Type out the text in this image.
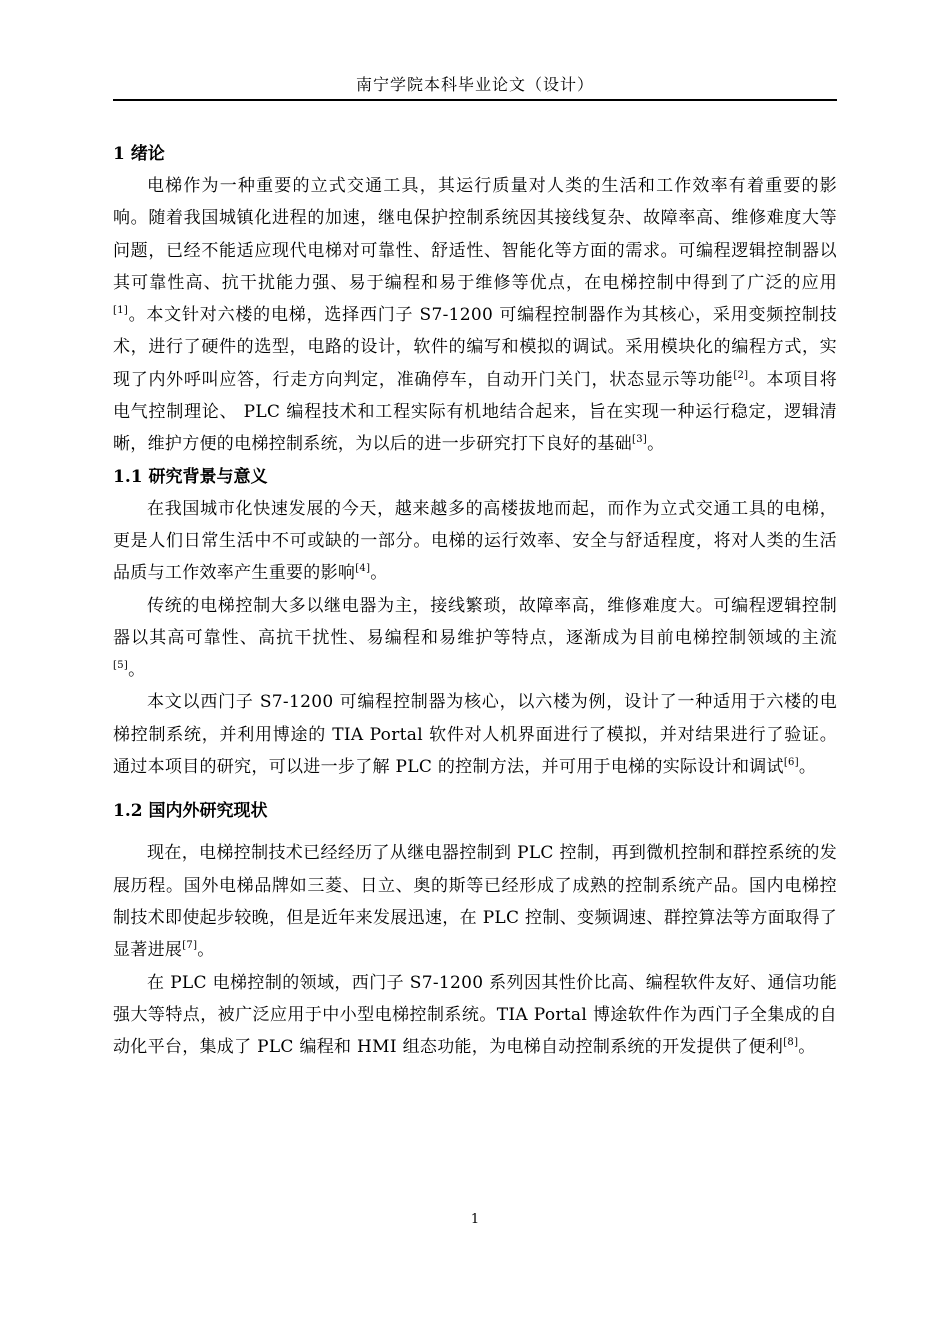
南宁学院本科毕业论文（设计）
1 绪论

电梯作为一种重要的立式交通工具，其运行质量对人类的生活和工作效率有着重要的影响。随着我国城镇化进程的加速，继电保护控制系统因其接线复杂、故障率高、维修难度大等问题，已经不能适应现代电梯对可靠性、舒适性、智能化等方面的需求。可编程逻辑控制器以其可靠性高、抗干扰能力强、易于编程和易于维修等优点，在电梯控制中得到了广泛的应用[1]。本文针对六楼的电梯，选择西门子 S7-1200 可编程控制器作为其核心，采用变频控制技术，进行了硬件的选型，电路的设计，软件的编写和模拟的调试。采用模块化的编程方式，实现了内外呼叫应答，行走方向判定，准确停车，自动开门关门，状态显示等功能[2]。本项目将电气控制理论、 PLC 编程技术和工程实际有机地结合起来，旨在实现一种运行稳定，逻辑清晰，维护方便的电梯控制系统，为以后的进一步研究打下良好的基础[3]。

1.1 研究背景与意义

在我国城市化快速发展的今天，越来越多的高楼拔地而起，而作为立式交通工具的电梯，更是人们日常生活中不可或缺的一部分。电梯的运行效率、安全与舒适程度，将对人类的生活品质与工作效率产生重要的影响[4]。

传统的电梯控制大多以继电器为主，接线繁琐，故障率高，维修难度大。可编程逻辑控制器以其高可靠性、高抗干扰性、易编程和易维护等特点，逐渐成为目前电梯控制领域的主流[5]。

本文以西门子 S7-1200 可编程控制器为核心，以六楼为例，设计了一种适用于六楼的电梯控制系统，并利用博途的 TIA Portal 软件对人机界面进行了模拟，并对结果进行了验证。通过本项目的研究，可以进一步了解 PLC 的控制方法，并可用于电梯的实际设计和调试[6]。

1.2 国内外研究现状

现在，电梯控制技术已经经历了从继电器控制到 PLC 控制，再到微机控制和群控系统的发展历程。国外电梯品牌如三菱、日立、奥的斯等已经形成了成熟的控制系统产品。国内电梯控制技术即使起步较晚，但是近年来发展迅速，在 PLC 控制、变频调速、群控算法等方面取得了显著进展[7]。

在 PLC 电梯控制的领域，西门子 S7-1200 系列因其性价比高、编程软件友好、通信功能强大等特点，被广泛应用于中小型电梯控制系统。TIA Portal 博途软件作为西门子全集成的自动化平台，集成了 PLC 编程和 HMI 组态功能，为电梯自动控制系统的开发提供了便利[8]。

1
